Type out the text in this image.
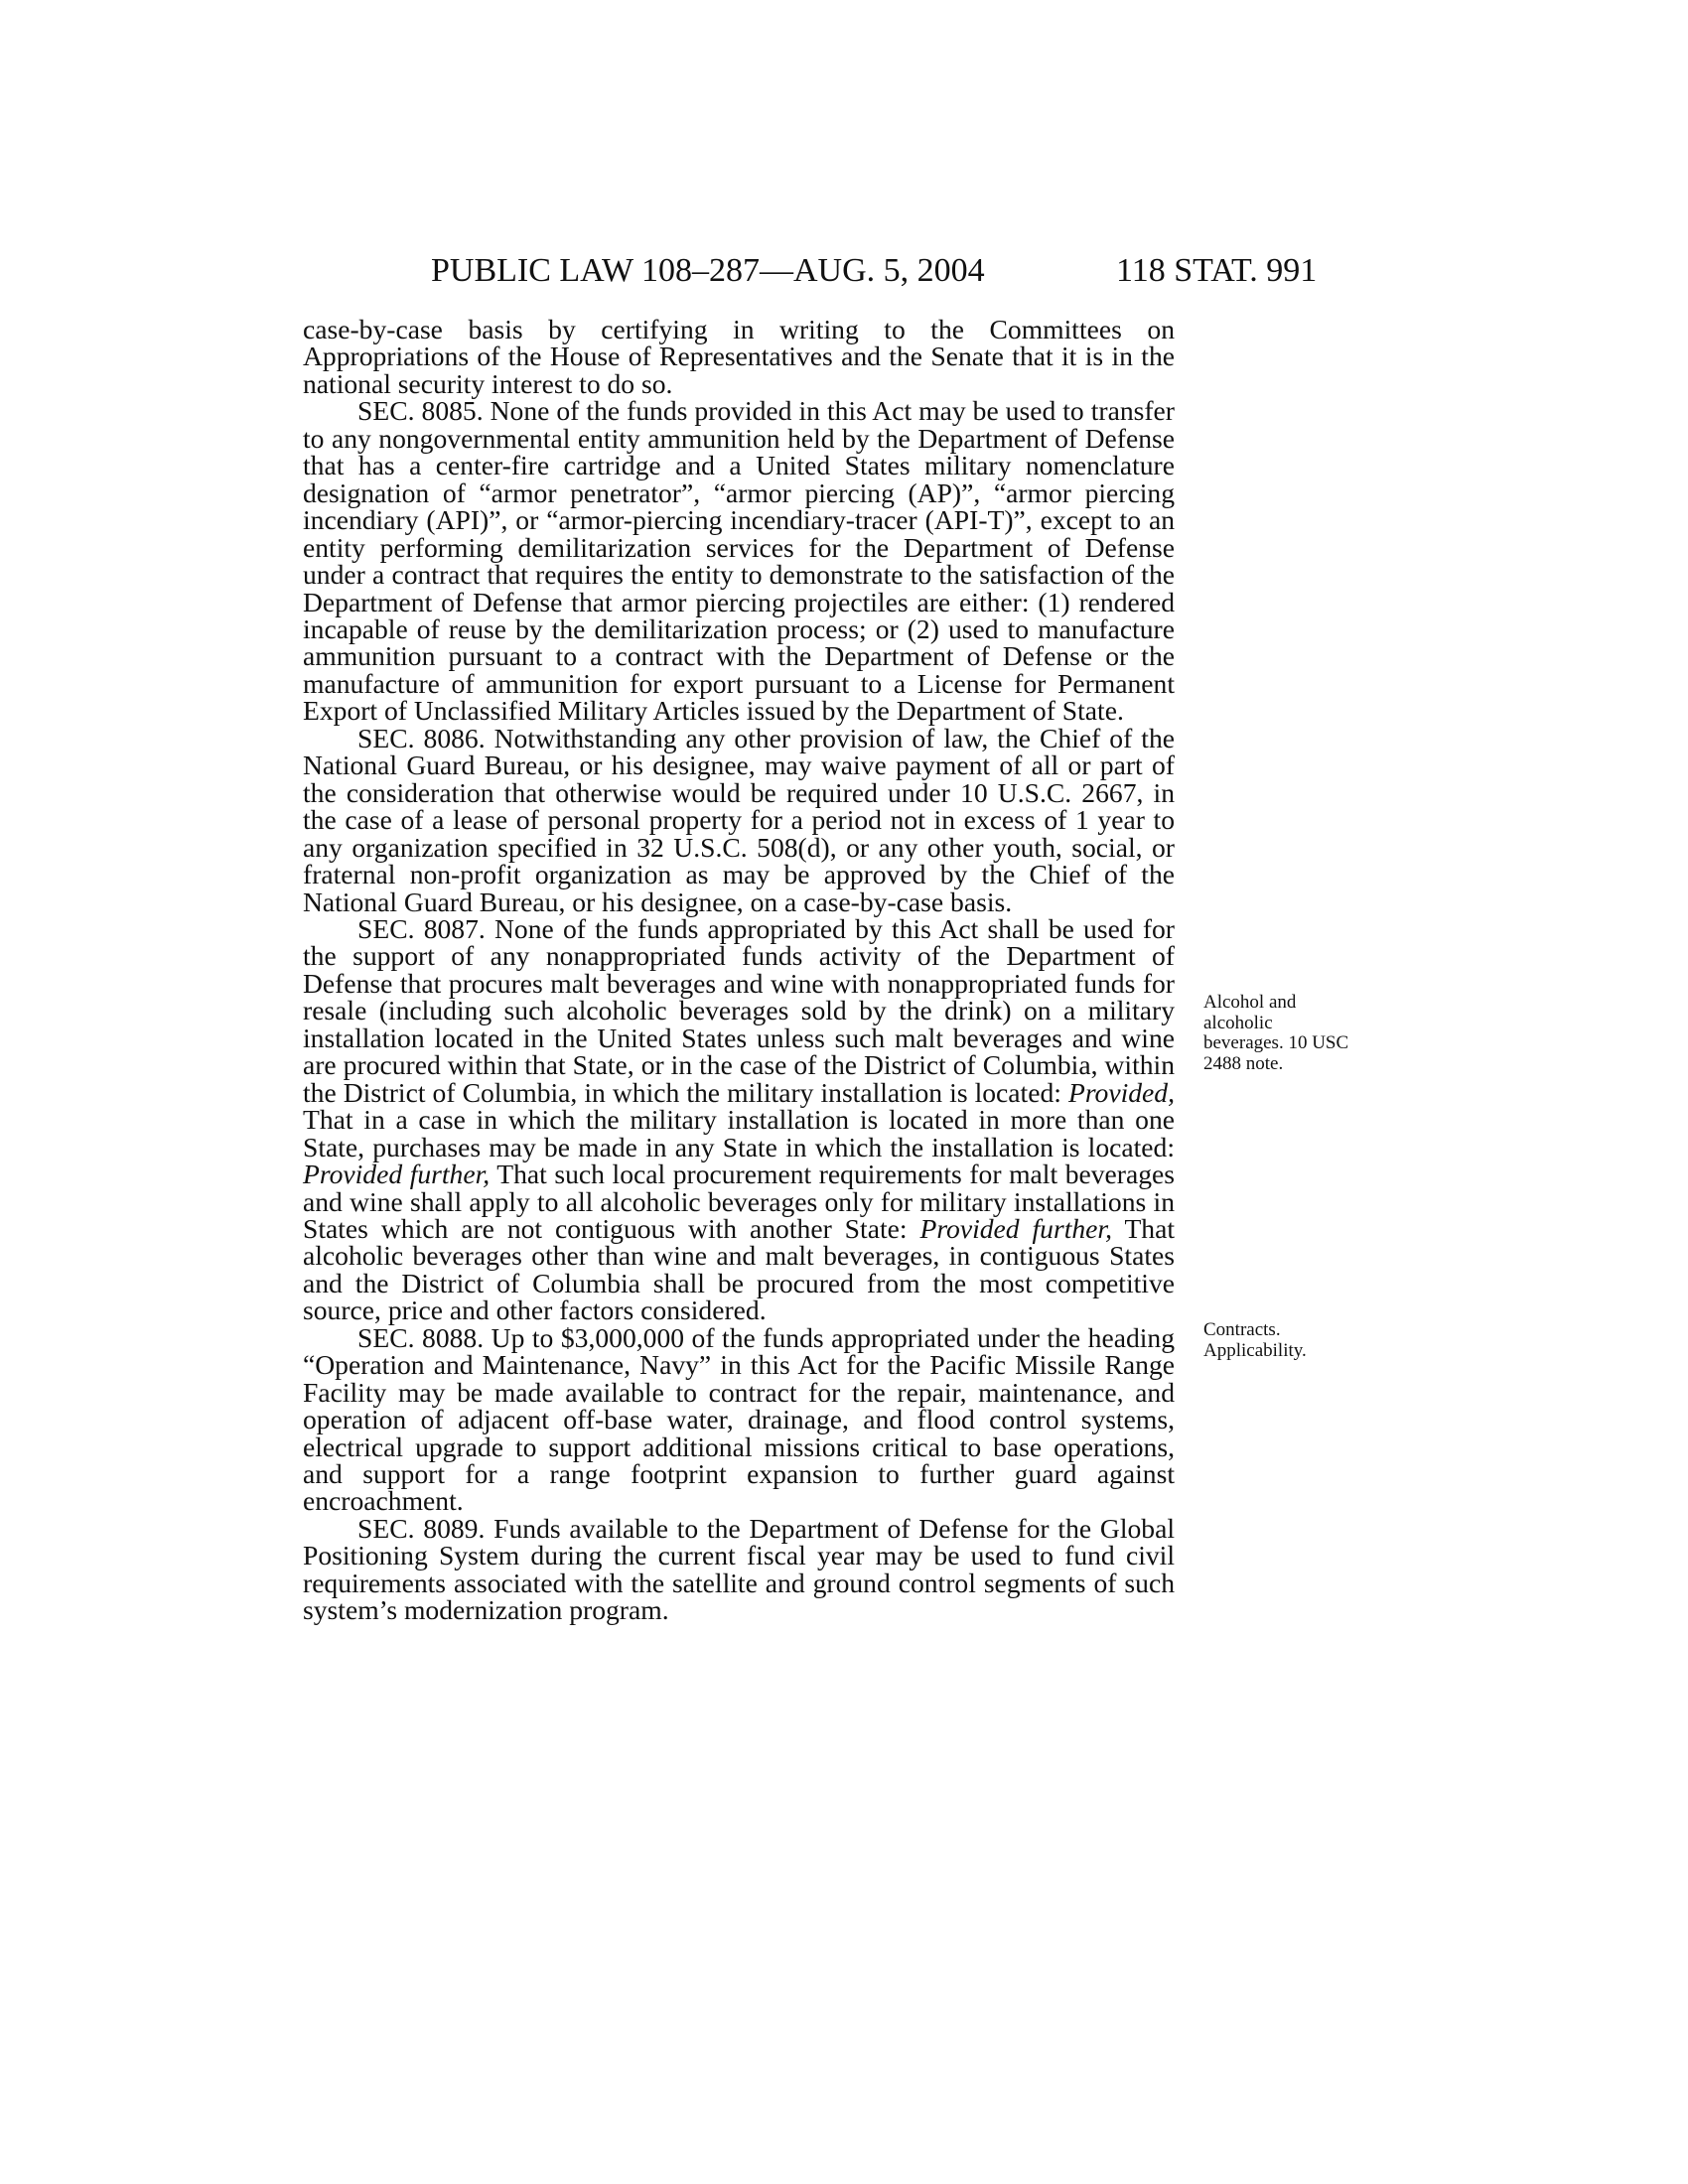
PUBLIC LAW 108–287—AUG. 5, 2004	118 STAT. 991

case-by-case basis by certifying in writing to the Committees on Appropriations of the House of Representatives and the Senate that it is in the national security interest to do so.

SEC. 8085. None of the funds provided in this Act may be used to transfer to any nongovernmental entity ammunition held by the Department of Defense that has a center-fire cartridge and a United States military nomenclature designation of “armor penetrator”, “armor piercing (AP)”, “armor piercing incendiary (API)”, or “armor-piercing incendiary-tracer (API-T)”, except to an entity performing demilitarization services for the Department of Defense under a contract that requires the entity to demonstrate to the satisfaction of the Department of Defense that armor piercing projectiles are either: (1) rendered incapable of reuse by the demilitarization process; or (2) used to manufacture ammunition pursuant to a contract with the Department of Defense or the manufacture of ammunition for export pursuant to a License for Permanent Export of Unclassified Military Articles issued by the Department of State.

SEC. 8086. Notwithstanding any other provision of law, the Chief of the National Guard Bureau, or his designee, may waive payment of all or part of the consideration that otherwise would be required under 10 U.S.C. 2667, in the case of a lease of personal property for a period not in excess of 1 year to any organization specified in 32 U.S.C. 508(d), or any other youth, social, or fraternal non-profit organization as may be approved by the Chief of the National Guard Bureau, or his designee, on a case-by-case basis.

SEC. 8087. None of the funds appropriated by this Act shall be used for the support of any nonappropriated funds activity of the Department of Defense that procures malt beverages and wine with nonappropriated funds for resale (including such alcoholic beverages sold by the drink) on a military installation located in the United States unless such malt beverages and wine are procured within that State, or in the case of the District of Columbia, within the District of Columbia, in which the military installation is located: Provided, That in a case in which the military installation is located in more than one State, purchases may be made in any State in which the installation is located: Provided further, That such local procurement requirements for malt beverages and wine shall apply to all alcoholic beverages only for military installations in States which are not contiguous with another State: Provided further, That alcoholic beverages other than wine and malt beverages, in contiguous States and the District of Columbia shall be procured from the most competitive source, price and other factors considered.

SEC. 8088. Up to $3,000,000 of the funds appropriated under the heading “Operation and Maintenance, Navy” in this Act for the Pacific Missile Range Facility may be made available to contract for the repair, maintenance, and operation of adjacent off-base water, drainage, and flood control systems, electrical upgrade to support additional missions critical to base operations, and support for a range footprint expansion to further guard against encroachment.

SEC. 8089. Funds available to the Department of Defense for the Global Positioning System during the current fiscal year may be used to fund civil requirements associated with the satellite and ground control segments of such system’s modernization program.

Alcohol and alcoholic beverages. 10 USC 2488 note.
Contracts. Applicability.
